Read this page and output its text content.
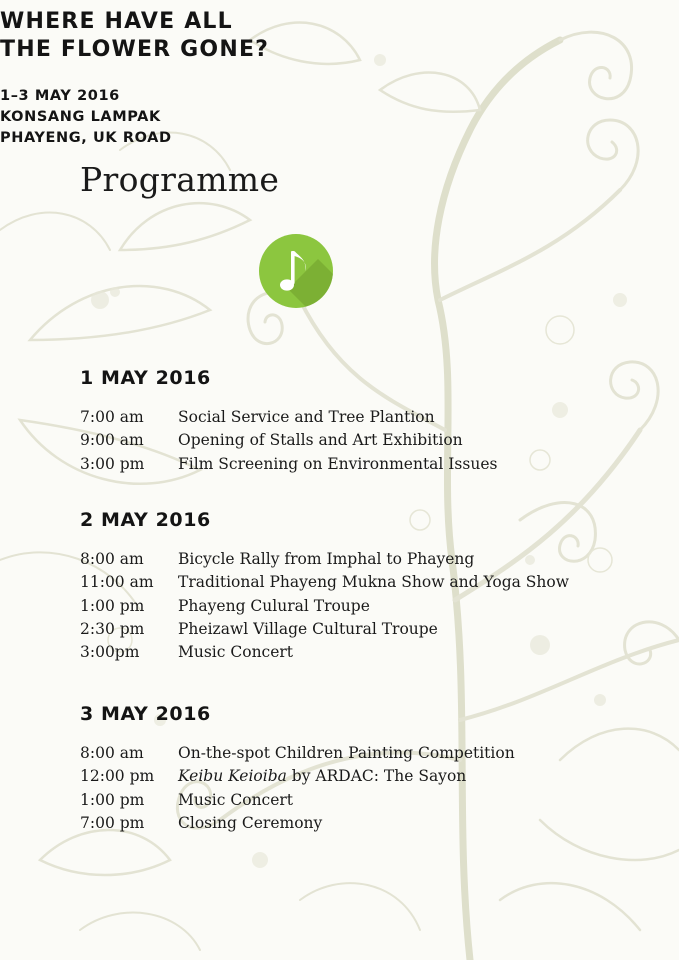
WHERE HAVE ALL
THE FLOWER GONE?
1–3 MAY 2016
KONSANG LAMPAK
PHAYENG, UK ROAD
Programme
1 MAY 2016
7:00 am	Social Service and Tree Plantion
9:00 am	Opening of Stalls and Art Exhibition
3:00 pm	Film Screening on Environmental Issues
2 MAY 2016
8:00 am	Bicycle Rally from Imphal to Phayeng
11:00 am	Traditional Phayeng Mukna Show and Yoga Show
1:00 pm	Phayeng Culural Troupe
2:30 pm	Pheizawl Village Cultural Troupe
3:00pm	Music Concert
3 MAY 2016
8:00 am	On-the-spot Children Painting Competition
12:00 pm	Keibu Keioiba by ARDAC: The Sayon
1:00 pm	Music Concert
7:00 pm	Closing Ceremony
